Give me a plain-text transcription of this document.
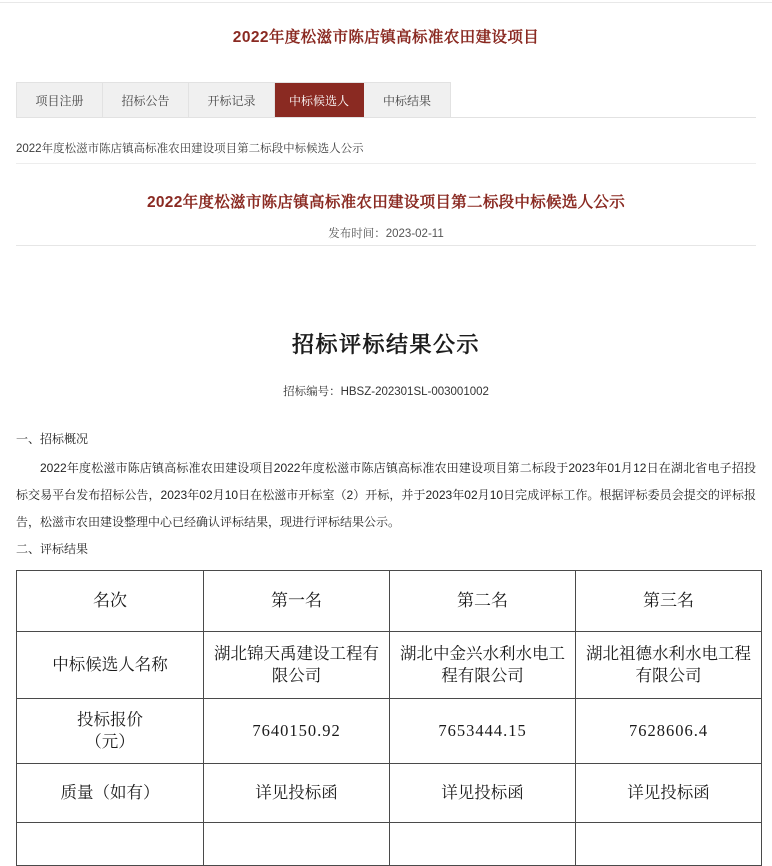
2022年度松滋市陈店镇高标准农田建设项目
项目注册	招标公告	开标记录	中标候选人	中标结果
2022年度松滋市陈店镇高标准农田建设项目第二标段中标候选人公示
2022年度松滋市陈店镇高标准农田建设项目第二标段中标候选人公示
发布时间：2023-02-11
招标评标结果公示
招标编号：HBSZ-202301SL-003001002
一、招标概况
2022年度松滋市陈店镇高标准农田建设项目2022年度松滋市陈店镇高标准农田建设项目第二标段于2023年01月12日在湖北省电子招投标交易平台发布招标公告，2023年02月10日在松滋市开标室（2）开标，并于2023年02月10日完成评标工作。根据评标委员会提交的评标报告，松滋市农田建设整理中心已经确认评标结果，现进行评标结果公示。
二、评标结果
名次	第一名	第二名	第三名
中标候选人名称	湖北锦天禹建设工程有限公司	湖北中金兴水利水电工程有限公司	湖北祖德水利水电工程有限公司
投标报价
（元）	7640150.92	7653444.15	7628606.4
质量（如有）	详见投标函	详见投标函	详见投标函
